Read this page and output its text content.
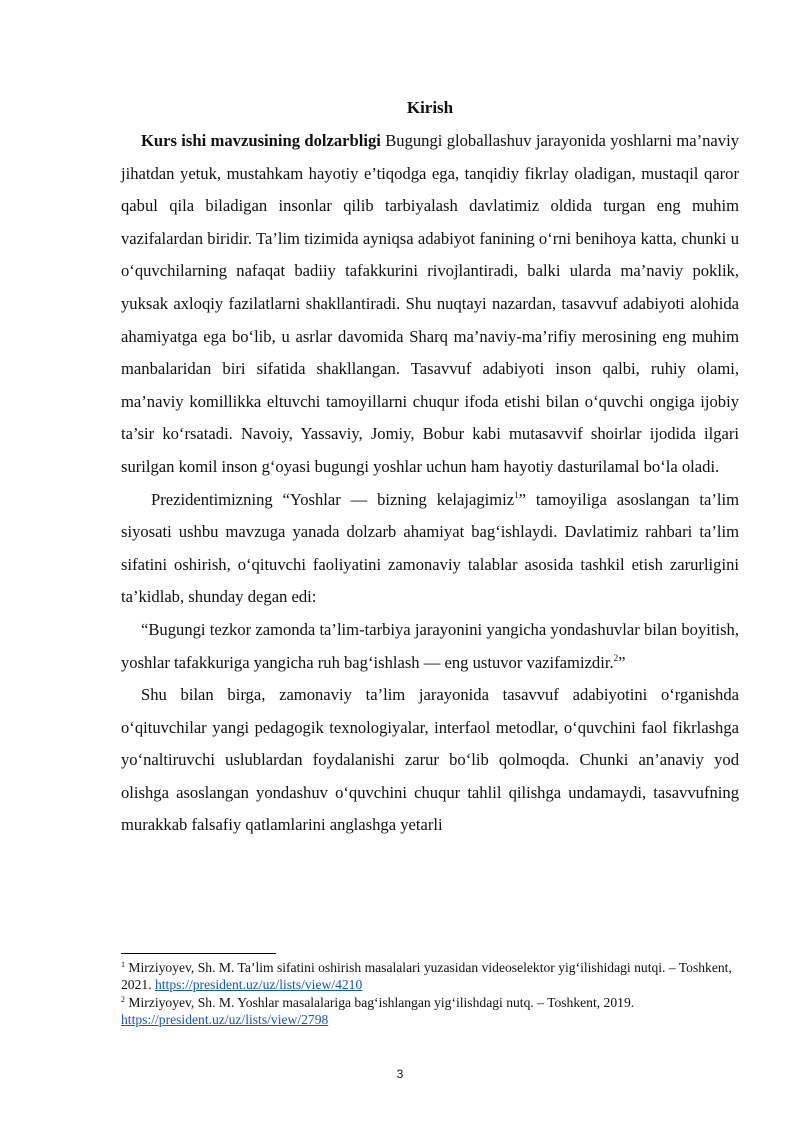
Kirish

Kurs ishi mavzusining dolzarbligi Bugungi globallashuv jarayonida yoshlarni ma’naviy jihatdan yetuk, mustahkam hayotiy e’tiqodga ega, tanqidiy fikrlay oladigan, mustaqil qaror qabul qila biladigan insonlar qilib tarbiyalash davlatimiz oldida turgan eng muhim vazifalardan biridir. Ta’lim tizimida ayniqsa adabiyot fanining o‘rni benihoya katta, chunki u o‘quvchilarning nafaqat badiiy tafakkurini rivojlantiradi, balki ularda ma’naviy poklik, yuksak axloqiy fazilatlarni shakllantiradi. Shu nuqtayi nazardan, tasavvuf adabiyoti alohida ahamiyatga ega bo‘lib, u asrlar davomida Sharq ma’naviy-ma’rifiy merosining eng muhim manbalaridan biri sifatida shakllangan. Tasavvuf adabiyoti inson qalbi, ruhiy olami, ma’naviy komillikka eltuvchi tamoyillarni chuqur ifoda etishi bilan o‘quvchi ongiga ijobiy ta’sir ko‘rsatadi. Navoiy, Yassaviy, Jomiy, Bobur kabi mutasavvif shoirlar ijodida ilgari surilgan komil inson g‘oyasi bugungi yoshlar uchun ham hayotiy dasturilamal bo‘la oladi.

Prezidentimizning “Yoshlar — bizning kelajagimiz$^1$” tamoyiliga asoslangan ta’lim siyosati ushbu mavzuga yanada dolzarb ahamiyat bag‘ishlaydi. Davlatimiz rahbari ta’lim sifatini oshirish, o‘qituvchi faoliyatini zamonaviy talablar asosida tashkil etish zarurligini ta’kidlab, shunday degan edi:

“Bugungi tezkor zamonda ta’lim-tarbiya jarayonini yangicha yondashuvlar bilan boyitish, yoshlar tafakkuriga yangicha ruh bag‘ishlash — eng ustuvor vazifamizdir.$^2$”

Shu bilan birga, zamonaviy ta’lim jarayonida tasavvuf adabiyotini o‘rganishda o‘qituvchilar yangi pedagogik texnologiyalar, interfaol metodlar, o‘quvchini faol fikrlashga yo‘naltiruvchi uslublardan foydalanishi zarur bo‘lib qolmoqda. Chunki an’anaviy yod olishga asoslangan yondashuv o‘quvchini chuqur tahlil qilishga undamaydi, tasavvufning murakkab falsafiy qatlamlarini anglashga yetarli

$^1$ Mirziyoyev, Sh. M. Ta’lim sifatini oshirish masalalari yuzasidan videoselektor yig‘ilishidagi nutqi. – Toshkent, 2021. https://president.uz/uz/lists/view/4210

$^2$ Mirziyoyev, Sh. M. Yoshlar masalalariga bag‘ishlangan yig‘ilishdagi nutq. – Toshkent, 2019. https://president.uz/uz/lists/view/2798

3
